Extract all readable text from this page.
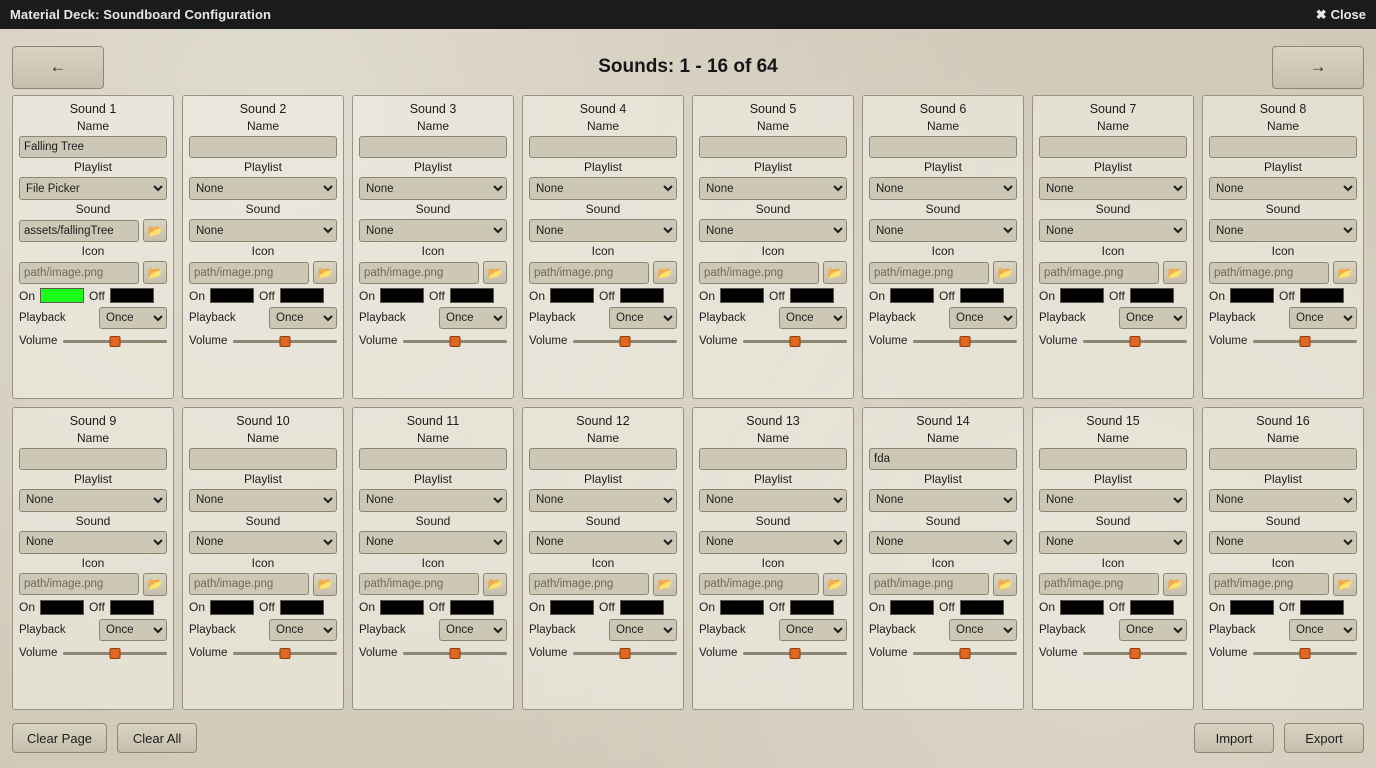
Material Deck: Soundboard Configuration	✖ Close
←	Sounds: 1 - 16 of 64	→
Sound 1
Name
Falling Tree
Playlist
File Picker
Sound
assets/fallingTree
📂
Icon
path/image.png
📂
On	Off
Playback
Once
Volume
Sound 2
Name
Playlist
None
Sound
None
Icon
path/image.png
📂
On	Off
Playback
Once
Volume
Sound 3
Name
Playlist
None
Sound
None
Icon
path/image.png
📂
On	Off
Playback
Once
Volume
Sound 4
Name
Playlist
None
Sound
None
Icon
path/image.png
📂
On	Off
Playback
Once
Volume
Sound 5
Name
Playlist
None
Sound
None
Icon
path/image.png
📂
On	Off
Playback
Once
Volume
Sound 6
Name
Playlist
None
Sound
None
Icon
path/image.png
📂
On	Off
Playback
Once
Volume
Sound 7
Name
Playlist
None
Sound
None
Icon
path/image.png
📂
On	Off
Playback
Once
Volume
Sound 8
Name
Playlist
None
Sound
None
Icon
path/image.png
📂
On	Off
Playback
Once
Volume
Sound 9
Name
Playlist
None
Sound
None
Icon
path/image.png
📂
On	Off
Playback
Once
Volume
Sound 10
Name
Playlist
None
Sound
None
Icon
path/image.png
📂
On	Off
Playback
Once
Volume
Sound 11
Name
Playlist
None
Sound
None
Icon
path/image.png
📂
On	Off
Playback
Once
Volume
Sound 12
Name
Playlist
None
Sound
None
Icon
path/image.png
📂
On	Off
Playback
Once
Volume
Sound 13
Name
Playlist
None
Sound
None
Icon
path/image.png
📂
On	Off
Playback
Once
Volume
Sound 14
Name
fda
Playlist
None
Sound
None
Icon
path/image.png
📂
On	Off
Playback
Once
Volume
Sound 15
Name
Playlist
None
Sound
None
Icon
path/image.png
📂
On	Off
Playback
Once
Volume
Sound 16
Name
Playlist
None
Sound
None
Icon
path/image.png
📂
On	Off
Playback
Once
Volume
Clear Page	Clear All	Import	Export
